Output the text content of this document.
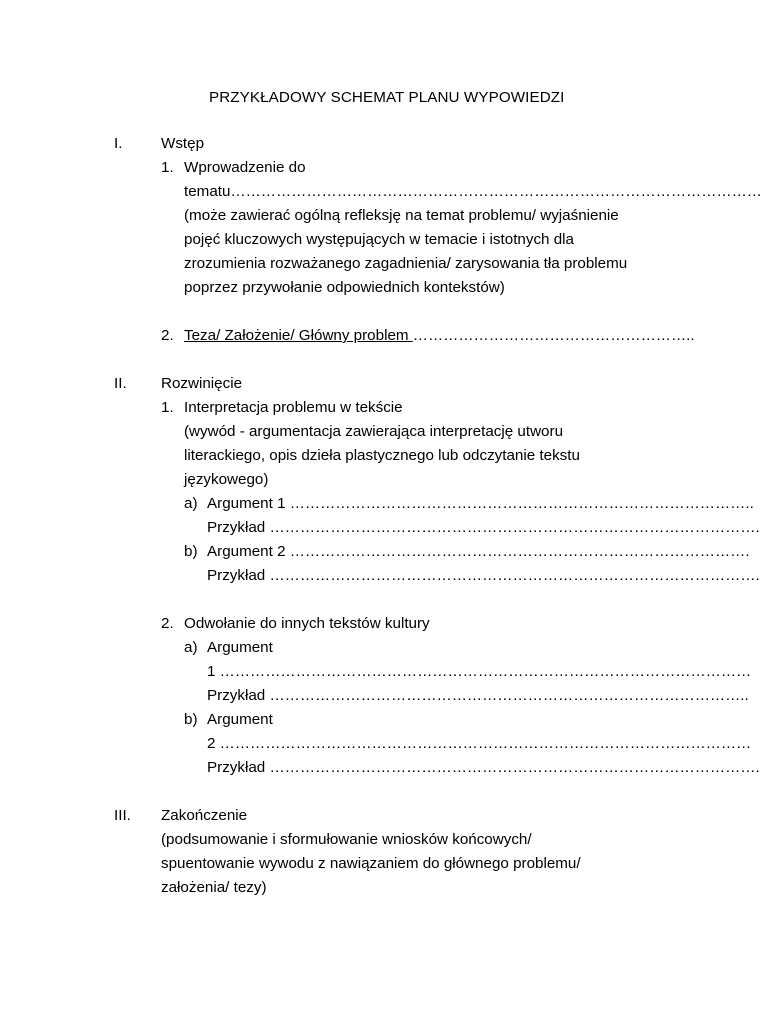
PRZYKŁADOWY SCHEMAT PLANU WYPOWIEDZI
I.	Wstęp
1. Wprowadzenie do
tematu……………………………………………………………………………………………
(może zawierać ogólną refleksję na temat problemu/ wyjaśnienie
pojęć kluczowych występujących w temacie i istotnych dla
zrozumienia rozważanego zagadnienia/ zarysowania tła problemu
poprzez przywołanie odpowiednich kontekstów)
2. Teza/ Założenie/ Główny problem ………………………………………………..
II. Rozwinięcie
1. Interpretacja problemu w tekście
(wywód - argumentacja zawierająca interpretację utworu
literackiego, opis dzieła plastycznego lub odczytanie tekstu
językowego)
a) Argument 1 ………………………………………………………………………………..
Przykład …………………………………………………………………………………….
b) Argument 2 ……………………………………………………………………………….
Przykład …………………………………………………………………………………….
2. Odwołanie do innych tekstów kultury
a) Argument
1 ……………………………………………………………………………………………
Przykład …………………………………………………………………………………..
b) Argument
2 ……………………………………………………………………………………………
Przykład …………………………………………………………………………………….
III. Zakończenie
(podsumowanie i sformułowanie wniosków końcowych/
spuentowanie wywodu z nawiązaniem do głównego problemu/
założenia/ tezy)
